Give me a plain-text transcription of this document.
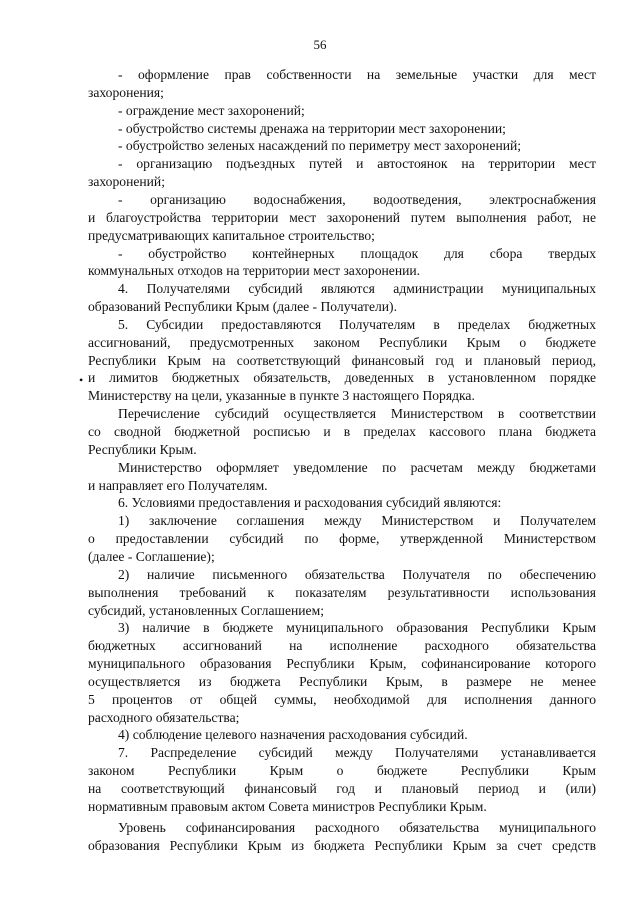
56
•
- оформление прав собственности на земельные участки для мест
захоронения;
- ограждение мест захоронений;
- обустройство системы дренажа на территории мест захоронении;
- обустройство зеленых насаждений по периметру мест захоронений;
- организацию подъездных путей и автостоянок на территории мест
захоронений;
- организацию водоснабжения, водоотведения, электроснабжения
и благоустройства территории мест захоронений путем выполнения работ, не
предусматривающих капитальное строительство;
- обустройство контейнерных площадок для сбора твердых
коммунальных отходов на территории мест захоронении.
4. Получателями субсидий являются администрации муниципальных
образований Республики Крым (далее - Получатели).
5. Субсидии предоставляются Получателям в пределах бюджетных
ассигнований, предусмотренных законом Республики Крым о бюджете
Республики Крым на соответствующий финансовый год и плановый период,
и лимитов бюджетных обязательств, доведенных в установленном порядке
Министерству на цели, указанные в пункте 3 настоящего Порядка.
Перечисление субсидий осуществляется Министерством в соответствии
со сводной бюджетной росписью и в пределах кассового плана бюджета
Республики Крым.
Министерство оформляет уведомление по расчетам между бюджетами
и направляет его Получателям.
6. Условиями предоставления и расходования субсидий являются:
1) заключение соглашения между Министерством и Получателем
о предоставлении субсидий по форме, утвержденной Министерством
(далее - Соглашение);
2) наличие письменного обязательства Получателя по обеспечению
выполнения требований к показателям результативности использования
субсидий, установленных Соглашением;
3) наличие в бюджете муниципального образования Республики Крым
бюджетных ассигнований на исполнение расходного обязательства
муниципального образования Республики Крым, софинансирование которого
осуществляется из бюджета Республики Крым, в размере не менее
5 процентов от общей суммы, необходимой для исполнения данного
расходного обязательства;
4) соблюдение целевого назначения расходования субсидий.
7. Распределение субсидий между Получателями устанавливается
законом Республики Крым о бюджете Республики Крым
на соответствующий финансовый год и плановый период и (или)
нормативным правовым актом Совета министров Республики Крым.
Уровень софинансирования расходного обязательства муниципального
образования Республики Крым из бюджета Республики Крым за счет средств
